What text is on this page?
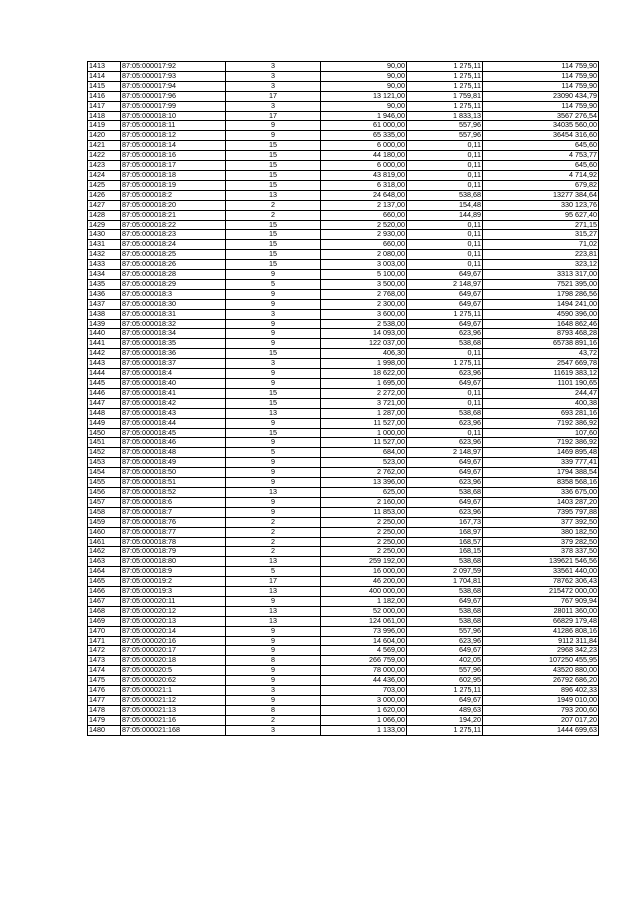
1413	87:05:000017:92	3	90,00	1 275,11	114 759,90
1414	87:05:000017:93	3	90,00	1 275,11	114 759,90
1415	87:05:000017:94	3	90,00	1 275,11	114 759,90
1416	87:05:000017:96	17	13 121,00	1 759,81	23090 434,79
1417	87:05:000017:99	3	90,00	1 275,11	114 759,90
1418	87:05:000018:10	17	1 946,00	1 833,13	3567 276,54
1419	87:05:000018:11	9	61 000,00	557,96	34035 560,00
1420	87:05:000018:12	9	65 335,00	557,96	36454 316,60
1421	87:05:000018:14	15	6 000,00	0,11	645,60
1422	87:05:000018:16	15	44 180,00	0,11	4 753,77
1423	87:05:000018:17	15	6 000,00	0,11	645,60
1424	87:05:000018:18	15	43 819,00	0,11	4 714,92
1425	87:05:000018:19	15	6 318,00	0,11	679,82
1426	87:05:000018:2	13	24 648,00	538,68	13277 384,64
1427	87:05:000018:20	2	2 137,00	154,48	330 123,76
1428	87:05:000018:21	2	660,00	144,89	95 627,40
1429	87:05:000018:22	15	2 520,00	0,11	271,15
1430	87:05:000018:23	15	2 930,00	0,11	315,27
1431	87:05:000018:24	15	660,00	0,11	71,02
1432	87:05:000018:25	15	2 080,00	0,11	223,81
1433	87:05:000018:26	15	3 003,00	0,11	323,12
1434	87:05:000018:28	9	5 100,00	649,67	3313 317,00
1435	87:05:000018:29	5	3 500,00	2 148,97	7521 395,00
1436	87:05:000018:3	9	2 768,00	649,67	1798 286,56
1437	87:05:000018:30	9	2 300,00	649,67	1494 241,00
1438	87:05:000018:31	3	3 600,00	1 275,11	4590 396,00
1439	87:05:000018:32	9	2 538,00	649,67	1648 862,46
1440	87:05:000018:34	9	14 093,00	623,96	8793 468,28
1441	87:05:000018:35	9	122 037,00	538,68	65738 891,16
1442	87:05:000018:36	15	406,30	0,11	43,72
1443	87:05:000018:37	3	1 998,00	1 275,11	2547 669,78
1444	87:05:000018:4	9	18 622,00	623,96	11619 383,12
1445	87:05:000018:40	9	1 695,00	649,67	1101 190,65
1446	87:05:000018:41	15	2 272,00	0,11	244,47
1447	87:05:000018:42	15	3 721,00	0,11	400,38
1448	87:05:000018:43	13	1 287,00	538,68	693 281,16
1449	87:05:000018:44	9	11 527,00	623,96	7192 386,92
1450	87:05:000018:45	15	1 000,00	0,11	107,60
1451	87:05:000018:46	9	11 527,00	623,96	7192 386,92
1452	87:05:000018:48	5	684,00	2 148,97	1469 895,48
1453	87:05:000018:49	9	523,00	649,67	339 777,41
1454	87:05:000018:50	9	2 762,00	649,67	1794 388,54
1455	87:05:000018:51	9	13 396,00	623,96	8358 568,16
1456	87:05:000018:52	13	625,00	538,68	336 675,00
1457	87:05:000018:6	9	2 160,00	649,67	1403 287,20
1458	87:05:000018:7	9	11 853,00	623,96	7395 797,88
1459	87:05:000018:76	2	2 250,00	167,73	377 392,50
1460	87:05:000018:77	2	2 250,00	168,97	380 182,50
1461	87:05:000018:78	2	2 250,00	168,57	379 282,50
1462	87:05:000018:79	2	2 250,00	168,15	378 337,50
1463	87:05:000018:80	13	259 192,00	538,68	139621 546,56
1464	87:05:000018:9	5	16 000,00	2 097,59	33561 440,00
1465	87:05:000019:2	17	46 200,00	1 704,81	78762 306,43
1466	87:05:000019:3	13	400 000,00	538,68	215472 000,00
1467	87:05:000020:11	9	1 182,00	649,67	767 909,94
1468	87:05:000020:12	13	52 000,00	538,68	28011 360,00
1469	87:05:000020:13	13	124 061,00	538,68	66829 179,48
1470	87:05:000020:14	9	73 996,00	557,96	41286 808,16
1471	87:05:000020:16	9	14 604,00	623,96	9112 311,84
1472	87:05:000020:17	9	4 569,00	649,67	2968 342,23
1473	87:05:000020:18	8	266 759,00	402,05	107250 455,95
1474	87:05:000020:5	9	78 000,00	557,96	43520 880,00
1475	87:05:000020:62	9	44 436,00	602,95	26792 686,20
1476	87:05:000021:1	3	703,00	1 275,11	896 402,33
1477	87:05:000021:12	9	3 000,00	649,67	1949 010,00
1478	87:05:000021:13	8	1 620,00	489,63	793 200,60
1479	87:05:000021:16	2	1 066,00	194,20	207 017,20
1480	87:05:000021:168	3	1 133,00	1 275,11	1444 699,63
